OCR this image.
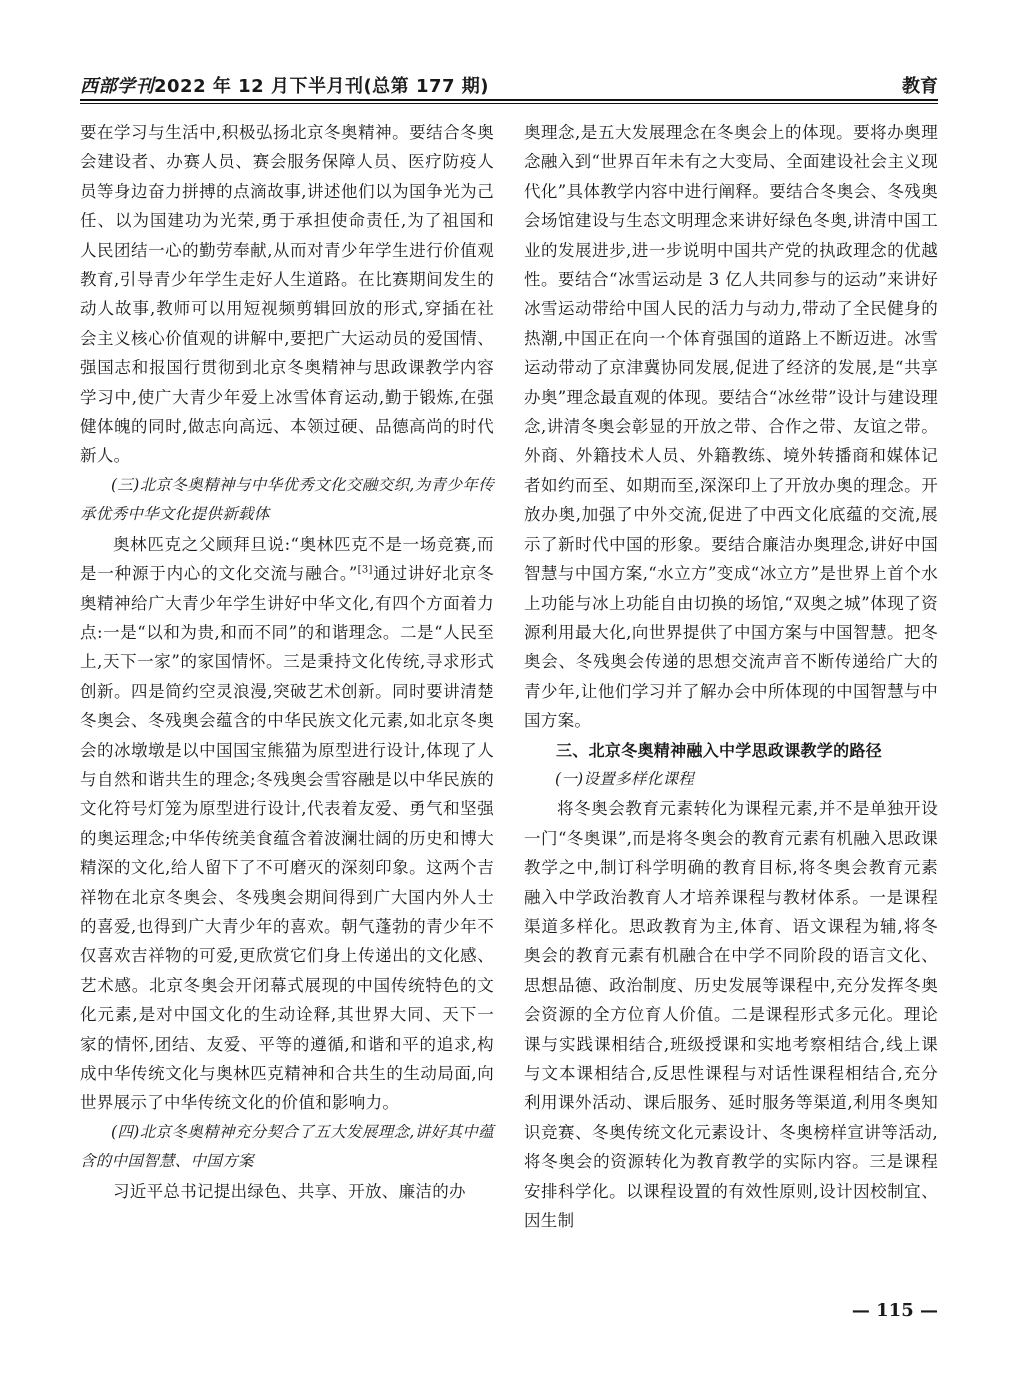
西部学刊2022 年 12 月下半月刊(总第 177 期)	教育

要在学习与生活中,积极弘扬北京冬奥精神。要结合冬奥会建设者、办赛人员、赛会服务保障人员、医疗防疫人员等身边奋力拼搏的点滴故事,讲述他们以为国争光为己任、以为国建功为光荣,勇于承担使命责任,为了祖国和人民团结一心的勤劳奉献,从而对青少年学生进行价值观教育,引导青少年学生走好人生道路。在比赛期间发生的动人故事,教师可以用短视频剪辑回放的形式,穿插在社会主义核心价值观的讲解中,要把广大运动员的爱国情、强国志和报国行贯彻到北京冬奥精神与思政课教学内容学习中,使广大青少年爱上冰雪体育运动,勤于锻炼,在强健体魄的同时,做志向高远、本领过硬、品德高尚的时代新人。

(三)北京冬奥精神与中华优秀文化交融交织,为青少年传承优秀中华文化提供新载体

奥林匹克之父顾拜旦说:“奥林匹克不是一场竞赛,而是一种源于内心的文化交流与融合。”[3]通过讲好北京冬奥精神给广大青少年学生讲好中华文化,有四个方面着力点:一是“以和为贵,和而不同”的和谐理念。二是“人民至上,天下一家”的家国情怀。三是秉持文化传统,寻求形式创新。四是简约空灵浪漫,突破艺术创新。同时要讲清楚冬奥会、冬残奥会蕴含的中华民族文化元素,如北京冬奥会的冰墩墩是以中国国宝熊猫为原型进行设计,体现了人与自然和谐共生的理念;冬残奥会雪容融是以中华民族的文化符号灯笼为原型进行设计,代表着友爱、勇气和坚强的奥运理念;中华传统美食蕴含着波澜壮阔的历史和博大精深的文化,给人留下了不可磨灭的深刻印象。这两个吉祥物在北京冬奥会、冬残奥会期间得到广大国内外人士的喜爱,也得到广大青少年的喜欢。朝气蓬勃的青少年不仅喜欢吉祥物的可爱,更欣赏它们身上传递出的文化感、艺术感。北京冬奥会开闭幕式展现的中国传统特色的文化元素,是对中国文化的生动诠释,其世界大同、天下一家的情怀,团结、友爱、平等的遵循,和谐和平的追求,构成中华传统文化与奥林匹克精神和合共生的生动局面,向世界展示了中华传统文化的价值和影响力。

(四)北京冬奥精神充分契合了五大发展理念,讲好其中蕴含的中国智慧、中国方案

习近平总书记提出绿色、共享、开放、廉洁的办

奥理念,是五大发展理念在冬奥会上的体现。要将办奥理念融入到“世界百年未有之大变局、全面建设社会主义现代化”具体教学内容中进行阐释。要结合冬奥会、冬残奥会场馆建设与生态文明理念来讲好绿色冬奥,讲清中国工业的发展进步,进一步说明中国共产党的执政理念的优越性。要结合“冰雪运动是 3 亿人共同参与的运动”来讲好冰雪运动带给中国人民的活力与动力,带动了全民健身的热潮,中国正在向一个体育强国的道路上不断迈进。冰雪运动带动了京津冀协同发展,促进了经济的发展,是“共享办奥”理念最直观的体现。要结合“冰丝带”设计与建设理念,讲清冬奥会彰显的开放之带、合作之带、友谊之带。外商、外籍技术人员、外籍教练、境外转播商和媒体记者如约而至、如期而至,深深印上了开放办奥的理念。开放办奥,加强了中外交流,促进了中西文化底蕴的交流,展示了新时代中国的形象。要结合廉洁办奥理念,讲好中国智慧与中国方案,“水立方”变成“冰立方”是世界上首个水上功能与冰上功能自由切换的场馆,“双奥之城”体现了资源利用最大化,向世界提供了中国方案与中国智慧。把冬奥会、冬残奥会传递的思想交流声音不断传递给广大的青少年,让他们学习并了解办会中所体现的中国智慧与中国方案。

三、北京冬奥精神融入中学思政课教学的路径

(一)设置多样化课程

将冬奥会教育元素转化为课程元素,并不是单独开设一门“冬奥课”,而是将冬奥会的教育元素有机融入思政课教学之中,制订科学明确的教育目标,将冬奥会教育元素融入中学政治教育人才培养课程与教材体系。一是课程渠道多样化。思政教育为主,体育、语文课程为辅,将冬奥会的教育元素有机融合在中学不同阶段的语言文化、思想品德、政治制度、历史发展等课程中,充分发挥冬奥会资源的全方位育人价值。二是课程形式多元化。理论课与实践课相结合,班级授课和实地考察相结合,线上课与文本课相结合,反思性课程与对话性课程相结合,充分利用课外活动、课后服务、延时服务等渠道,利用冬奥知识竞赛、冬奥传统文化元素设计、冬奥榜样宣讲等活动,将冬奥会的资源转化为教育教学的实际内容。三是课程安排科学化。以课程设置的有效性原则,设计因校制宜、因生制

— 115 —
